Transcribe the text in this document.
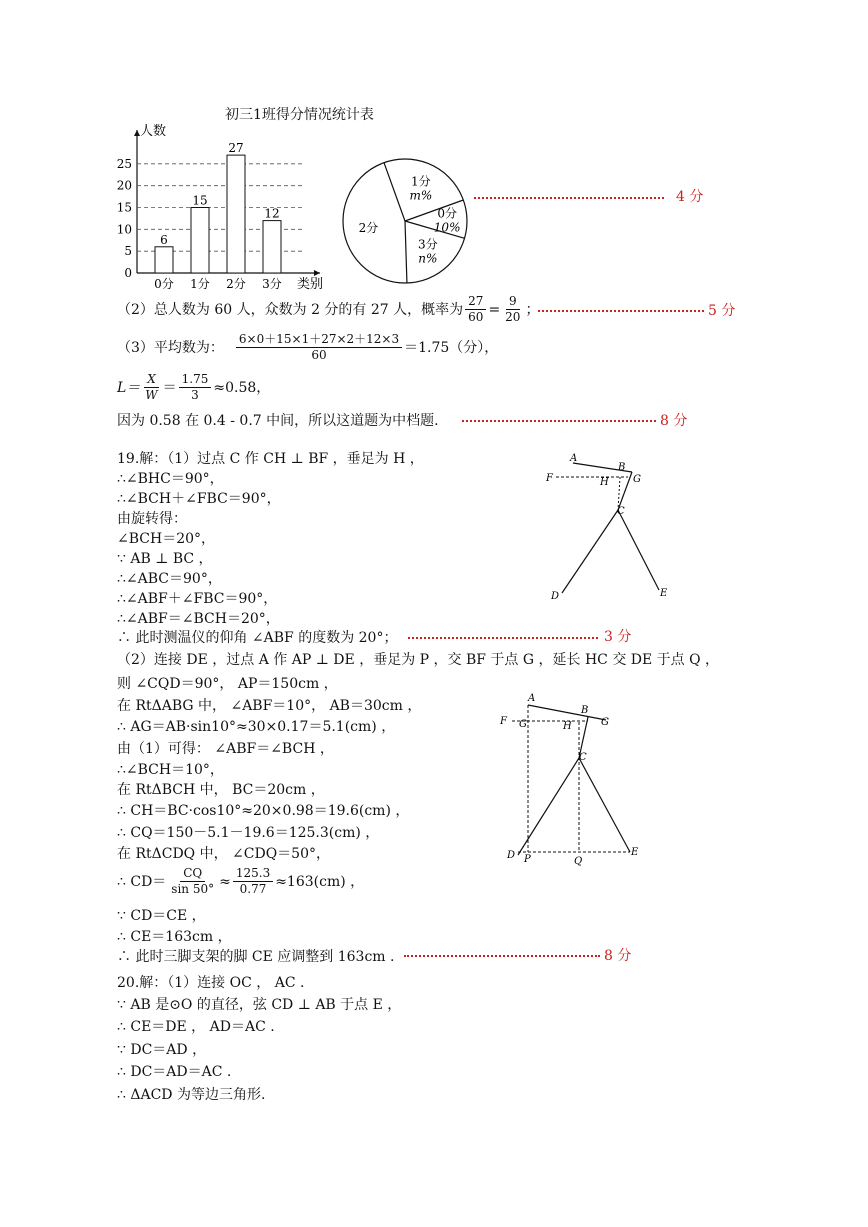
初三1班得分情况统计表
0
5
10
15
20
25
人数
类别
6
0分
15
1分
27
2分
12
3分
1分
m%
0分
10%
3分
n%
2分
4 分
（2）总人数为 60 人，众数为 2 分的有 27 人，概率为 $\frac{27}{60} = \frac{9}{20}$ ；	5 分
（3）平均数为： $\frac{6\times 0+15\times 1+27\times 2+12\times 3}{60} =1.75$（分），
$L= \frac{X}{W} = \frac{1.75}{3} \approx 0.58$，
因为 0.58 在 0.4 - 0.7 中间，所以这道题为中档题.	8 分
19.解：（1）过点 C 作 CH ⊥ BF ，垂足为 H ，
∴∠BHC＝90°，
∴∠BCH＋∠FBC＝90°，
由旋转得：
∠BCH＝20°，
∵ AB ⊥ BC ，
∴∠ABC＝90°，
∴∠ABF＋∠FBC＝90°，
∴∠ABF＝∠BCH＝20°，
∴ 此时测温仪的仰角 ∠ABF 的度数为 20°；	3 分
A
B
F	H G
C
D	E
（2）连接 DE ，过点 A 作 AP ⊥ DE ，垂足为 P ，交 BF 于点 G ，延长 HC 交 DE 于点 Q ，
则 ∠CQD＝90°， AP＝150cm ，
在 RtΔABG 中， ∠ABF＝10°， AB＝30cm ，
∴ AG＝AB·sin10°≈30×0.17＝5.1(cm) ，
由（1）可得： ∠ABF＝∠BCH ，
∴∠BCH＝10°，
在 RtΔBCH 中， BC＝20cm ，
∴ CH＝BC·cos10°≈20×0.98＝19.6(cm) ，
∴ CQ＝150－5.1－19.6＝125.3(cm) ，
在 RtΔCDQ 中， ∠CDQ＝50°，
∴ $CD= \frac{CQ}{\sin 50^\circ} \approx \frac{125.3}{0.77} \approx 163(cm)$ ，
∵ CD＝CE ，
∴ CE＝163cm ，
∴ 此时三脚支架的脚 CE 应调整到 163cm .	8 分
A
B
F G	H	G
C
D P	Q
E
20.解：（1）连接 OC ， AC .
∵ AB 是⊙O 的直径，弦 CD ⊥ AB 于点 E ，
∴ CE＝DE ， AD＝AC .
∵ DC＝AD ，
∴ DC＝AD＝AC .
∴ ΔACD 为等边三角形.
